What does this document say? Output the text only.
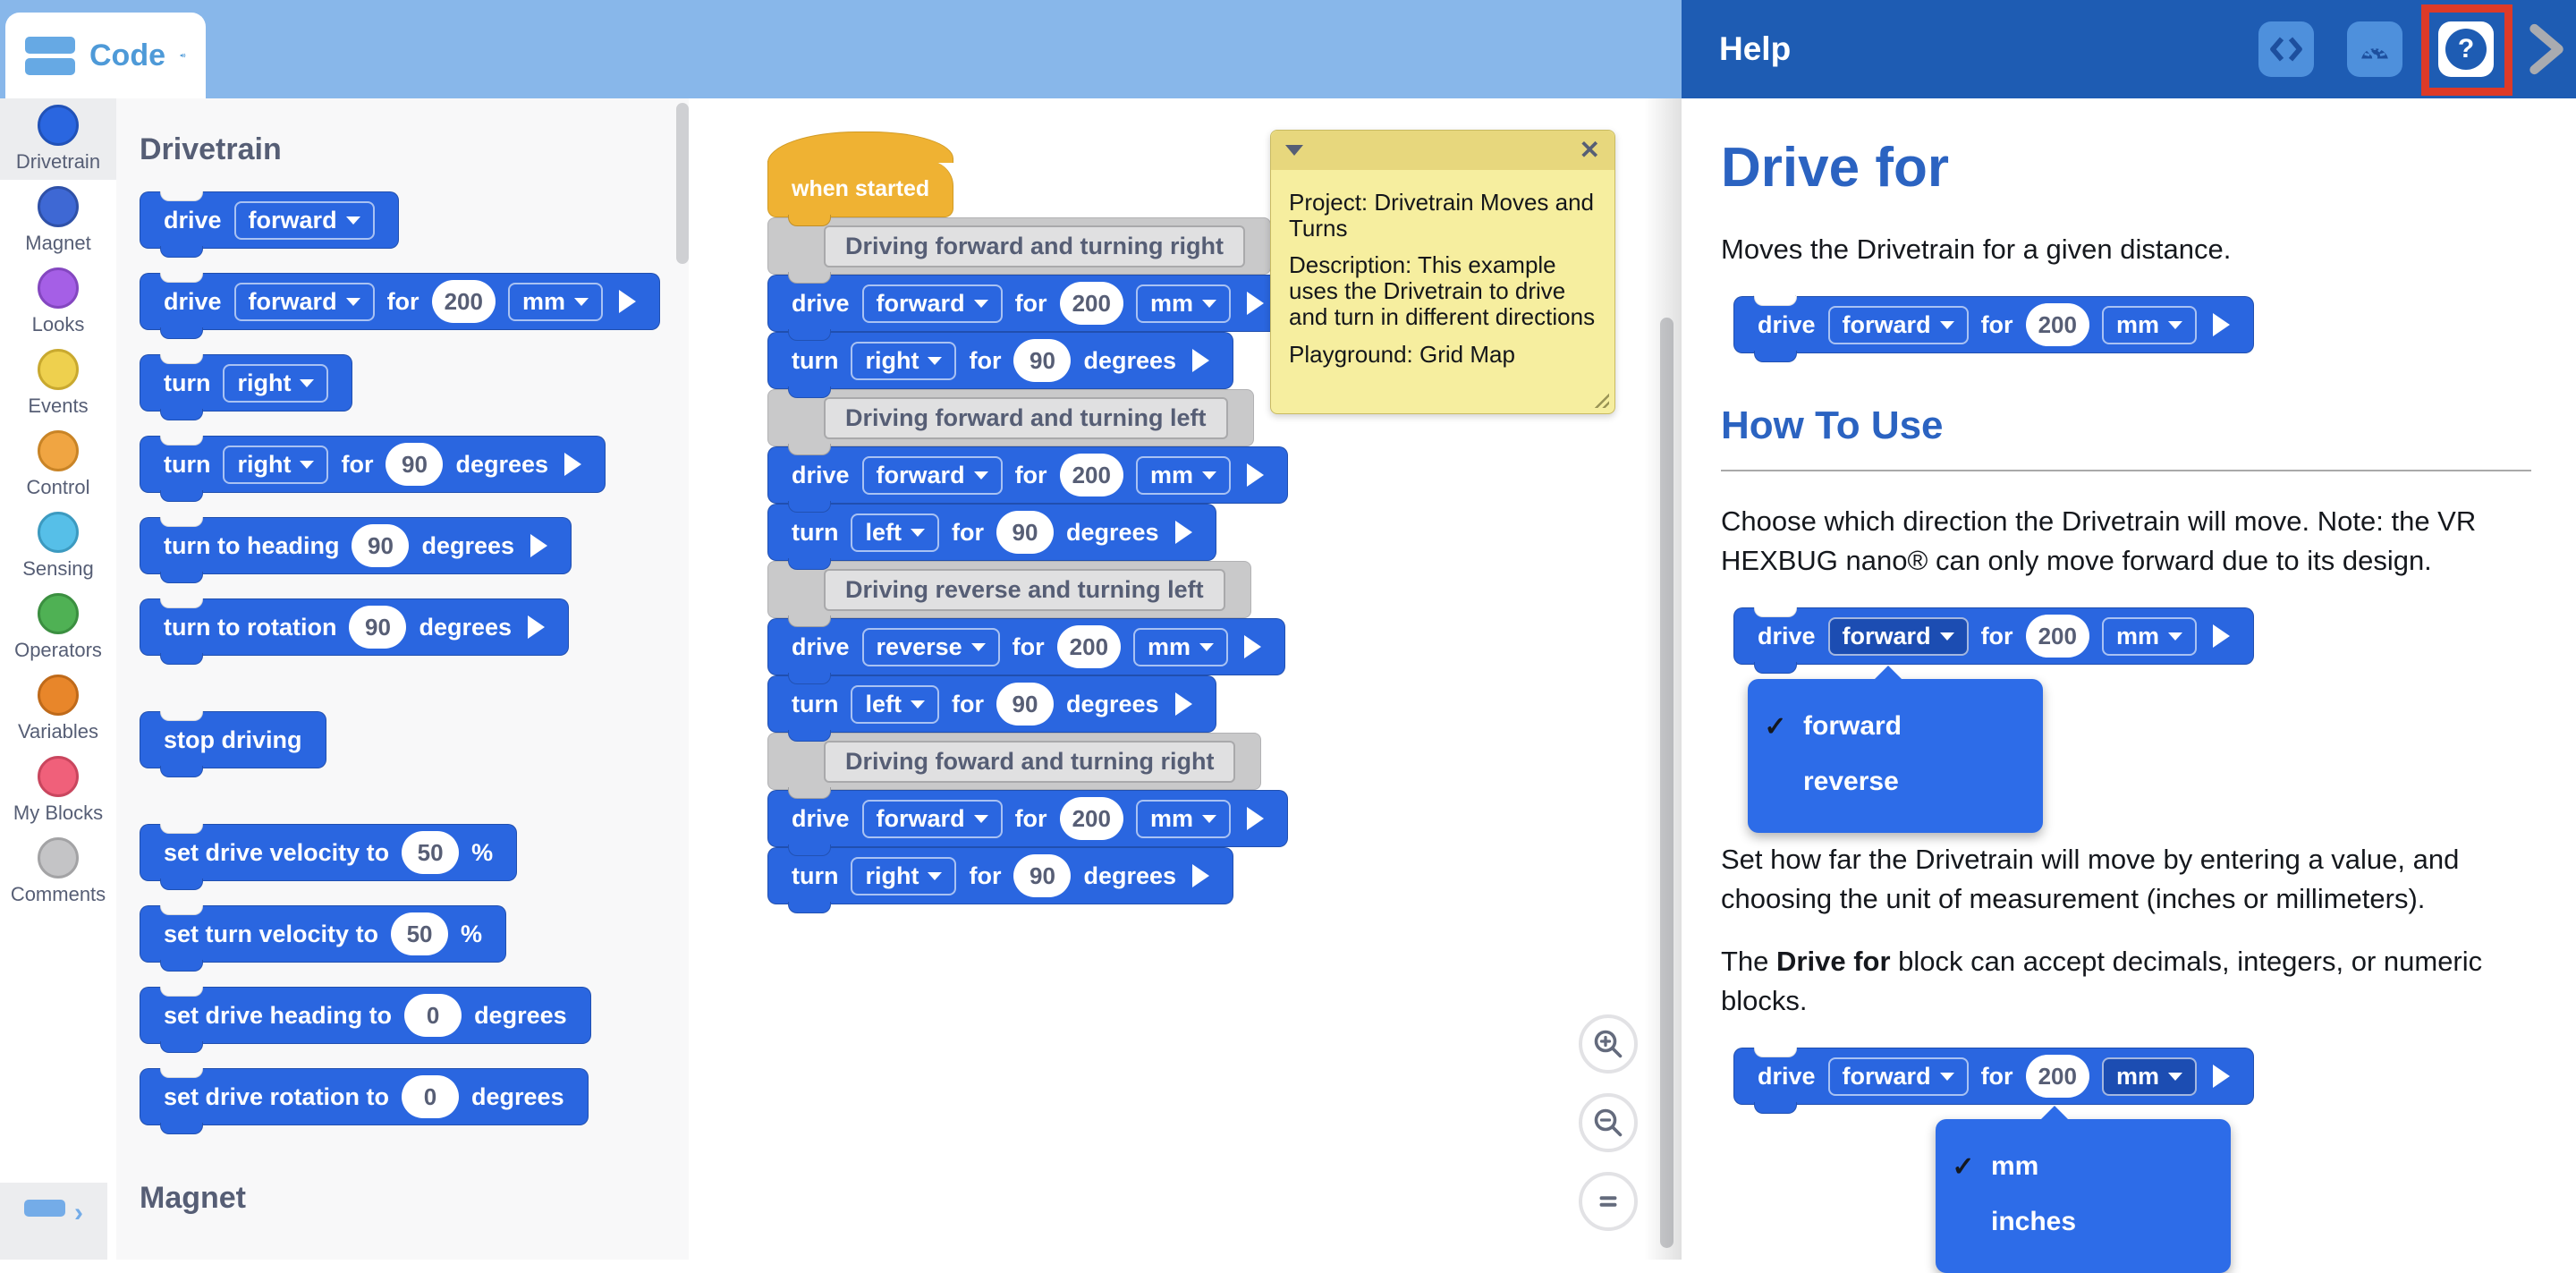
Code
Drivetrain
Magnet
Looks
Events
Control
Sensing
Operators
Variables
My Blocks
Comments
›
Drivetrain
drive forward
drive forward for	200	mm
turn right
turn right for	90	degrees
turn to heading	90	degrees
turn to rotation	90	degrees
stop driving
set drive velocity to	50	%
set turn velocity to	50	%
set drive heading to	0	degrees
set drive rotation to	0	degrees
Magnet
when started
Driving forward and turning right
drive forward for	200	mm
turn right for	90	degrees
Driving forward and turning left
drive forward for	200	mm
turn left for	90	degrees
Driving reverse and turning left
drive reverse for	200	mm
turn left for	90	degrees
Driving foward and turning right
drive forward for	200	mm
turn right for	90	degrees
✕

Project: Drivetrain Moves and Turns

Description: This example uses the Drivetrain to drive and turn in different directions

Playground: Grid Map

Help	?
Drive for

Moves the Drivetrain for a given distance.

drive forward for	200	mm
How To Use

Choose which direction the Drivetrain will move. Note: the VR HEXBUG nano® can only move forward due to its design.

drive forward for	200	mm
✓ forward
reverse

Set how far the Drivetrain will move by entering a value, and choosing the unit of measurement (inches or millimeters).

The Drive for block can accept decimals, integers, or numeric blocks.

drive forward for	200	mm
✓ mm
inches
